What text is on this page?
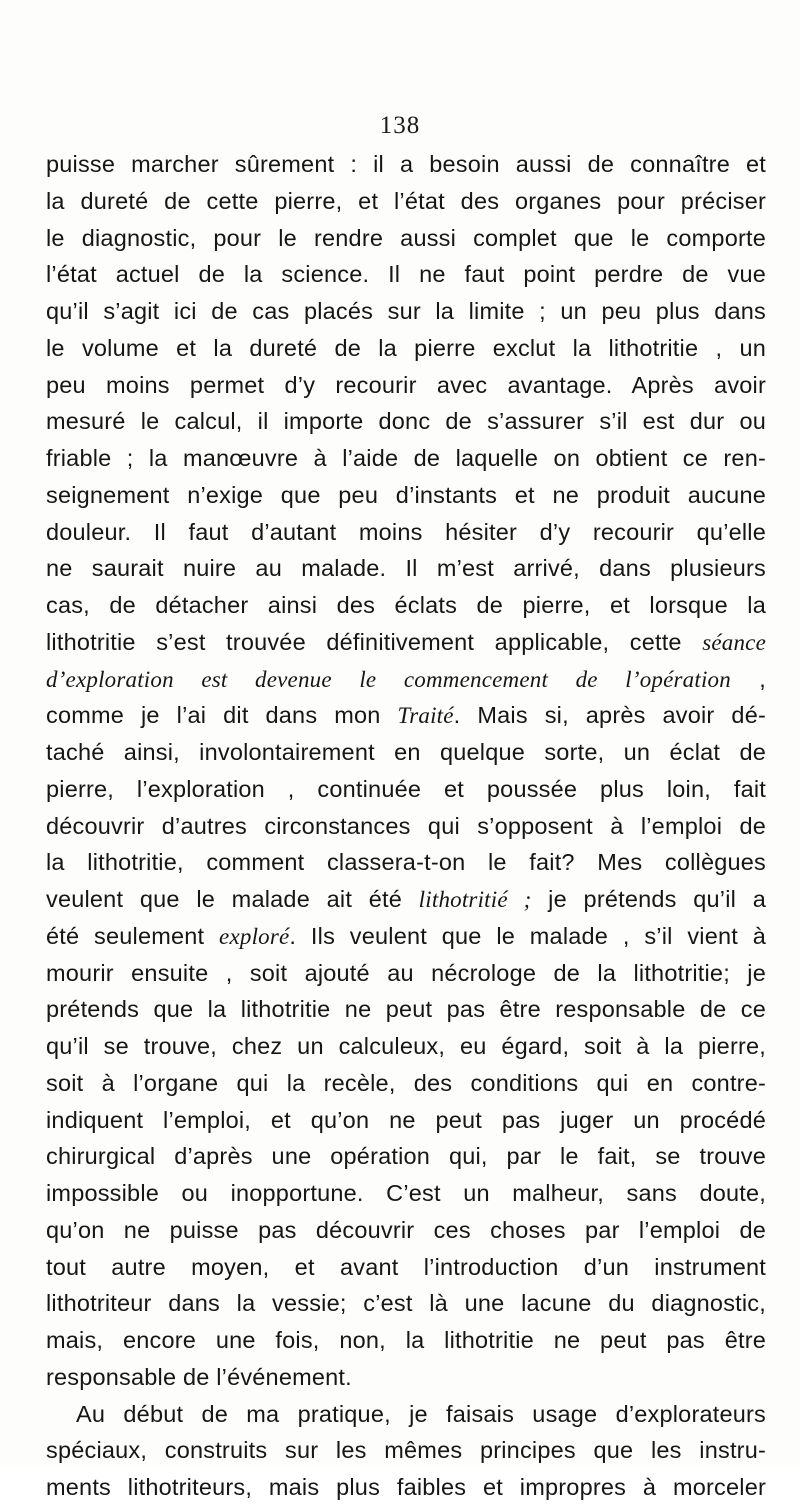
138
puisse marcher sûrement : il a besoin aussi de connaître et
la dureté de cette pierre, et l’état des organes pour préciser
le diagnostic, pour le rendre aussi complet que le comporte
l’état actuel de la science. Il ne faut point perdre de vue
qu’il s’agit ici de cas placés sur la limite ; un peu plus dans
le volume et la dureté de la pierre exclut la lithotritie , un
peu moins permet d’y recourir avec avantage. Après avoir
mesuré le calcul, il importe donc de s’assurer s’il est dur ou
friable ; la manœuvre à l’aide de laquelle on obtient ce ren-
seignement n’exige que peu d’instants et ne produit aucune
douleur. Il faut d’autant moins hésiter d’y recourir qu’elle
ne saurait nuire au malade. Il m’est arrivé, dans plusieurs
cas, de détacher ainsi des éclats de pierre, et lorsque la
lithotritie s’est trouvée définitivement applicable, cette séance
d’exploration est devenue le commencement de l’opération ,
comme je l’ai dit dans mon Traité. Mais si, après avoir dé-
taché ainsi, involontairement en quelque sorte, un éclat de
pierre, l’exploration , continuée et poussée plus loin, fait
découvrir d’autres circonstances qui s’opposent à l’emploi de
la lithotritie, comment classera-t-on le fait? Mes collègues
veulent que le malade ait été lithotritié ; je prétends qu’il a
été seulement exploré. Ils veulent que le malade , s’il vient à
mourir ensuite , soit ajouté au nécrologe de la lithotritie; je
prétends que la lithotritie ne peut pas être responsable de ce
qu’il se trouve, chez un calculeux, eu égard, soit à la pierre,
soit à l’organe qui la recèle, des conditions qui en contre-
indiquent l’emploi, et qu’on ne peut pas juger un procédé
chirurgical d’après une opération qui, par le fait, se trouve
impossible ou inopportune. C’est un malheur, sans doute,
qu’on ne puisse pas découvrir ces choses par l’emploi de
tout autre moyen, et avant l’introduction d’un instrument
lithotriteur dans la vessie; c’est là une lacune du diagnostic,
mais, encore une fois, non, la lithotritie ne peut pas être
responsable de l’événement.
Au début de ma pratique, je faisais usage d’explorateurs
spéciaux, construits sur les mêmes principes que les instru-
ments lithotriteurs, mais plus faibles et impropres à morceler
